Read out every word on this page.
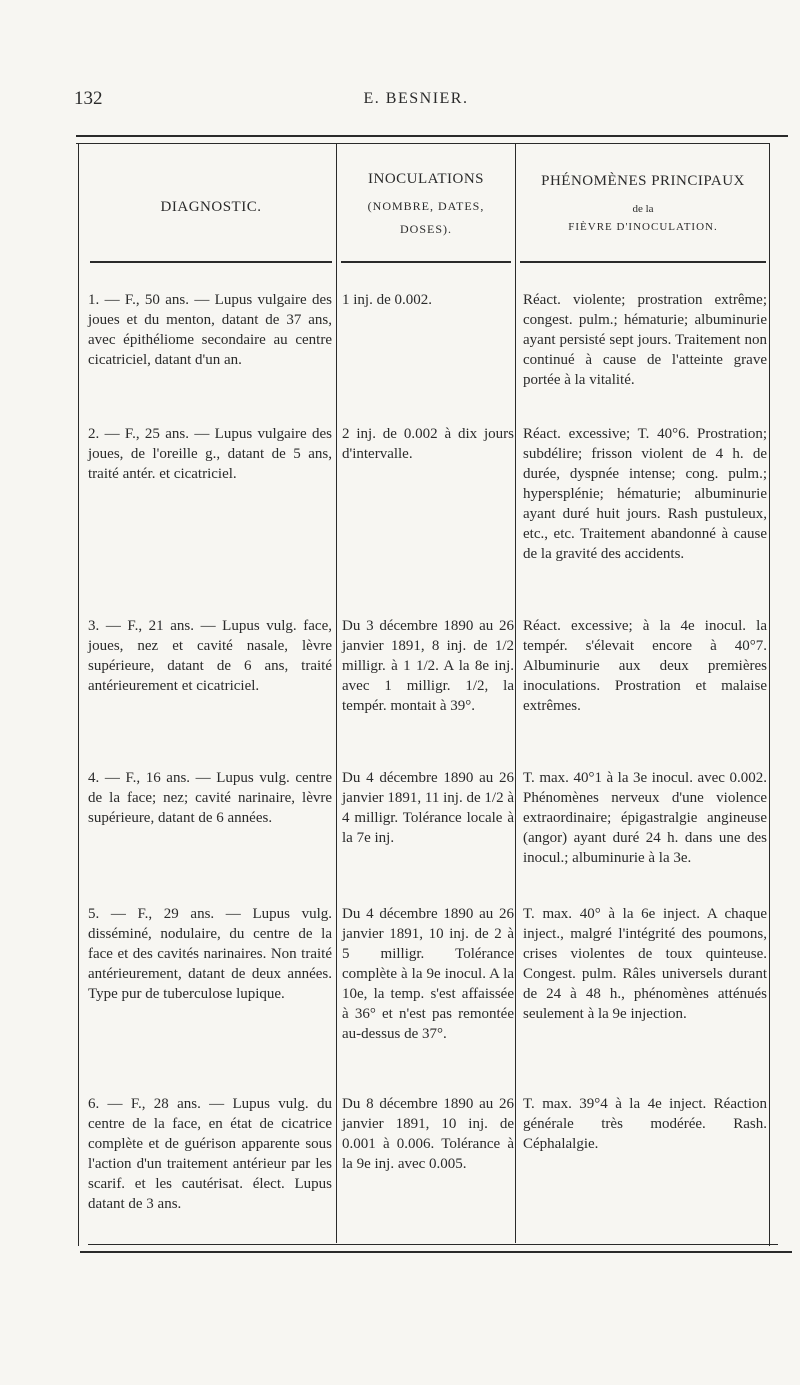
132	E. BESNIER.
DIAGNOSTIC.
INOCULATIONS
(NOMBRE, DATES,
DOSES).
PHÉNOMÈNES PRINCIPAUX
de la
FIÈVRE D'INOCULATION.
1. — F., 50 ans. — Lupus vulgaire des joues et du menton, datant de 37 ans, avec épithéliome secondaire au centre cicatriciel, datant d'un an.
1 inj. de 0.002.	Réact. violente; prostration extrême; congest. pulm.; hématurie; albuminurie ayant persisté sept jours. Traitement non continué à cause de l'atteinte grave portée à la vitalité.
2. — F., 25 ans. — Lupus vulgaire des joues, de l'oreille g., datant de 5 ans, traité antér. et cicatriciel.
2 inj. de 0.002 à dix jours d'intervalle.
Réact. excessive; T. 40°6. Prostration; subdélire; frisson violent de 4 h. de durée, dyspnée intense; cong. pulm.; hypersplénie; hématurie; albuminurie ayant duré huit jours. Rash pustuleux, etc., etc. Traitement abandonné à cause de la gravité des accidents.
3. — F., 21 ans. — Lupus vulg. face, joues, nez et cavité nasale, lèvre supérieure, datant de 6 ans, traité antérieurement et cicatriciel.
Du 3 décembre 1890 au 26 janvier 1891, 8 inj. de 1/2 milligr. à 1 1/2. A la 8e inj. avec 1 milligr. 1/2, la tempér. montait à 39°.
Réact. excessive; à la 4e inocul. la tempér. s'élevait encore à 40°7. Albuminurie aux deux premières inoculations. Prostration et malaise extrêmes.
4. — F., 16 ans. — Lupus vulg. centre de la face; nez; cavité narinaire, lèvre supérieure, datant de 6 années.
Du 4 décembre 1890 au 26 janvier 1891, 11 inj. de 1/2 à 4 milligr. Tolérance locale à la 7e inj.
T. max. 40°1 à la 3e inocul. avec 0.002. Phénomènes nerveux d'une violence extraordinaire; épigastralgie angineuse (angor) ayant duré 24 h. dans une des inocul.; albuminurie à la 3e.
5. — F., 29 ans. — Lupus vulg. disséminé, nodulaire, du centre de la face et des cavités narinaires. Non traité antérieurement, datant de deux années. Type pur de tuberculose lupique.
Du 4 décembre 1890 au 26 janvier 1891, 10 inj. de 2 à 5 milligr. Tolérance complète à la 9e inocul. A la 10e, la temp. s'est affaissée à 36° et n'est pas remontée au-dessus de 37°.
T. max. 40° à la 6e inject. A chaque inject., malgré l'intégrité des poumons, crises violentes de toux quinteuse. Congest. pulm. Râles universels durant de 24 à 48 h., phénomènes atténués seulement à la 9e injection.
6. — F., 28 ans. — Lupus vulg. du centre de la face, en état de cicatrice complète et de guérison apparente sous l'action d'un traitement antérieur par les scarif. et les cautérisat. élect. Lupus datant de 3 ans.
Du 8 décembre 1890 au 26 janvier 1891, 10 inj. de 0.001 à 0.006. Tolérance à la 9e inj. avec 0.005.
T. max. 39°4 à la 4e inject. Réaction générale très modérée. Rash. Céphalalgie.
